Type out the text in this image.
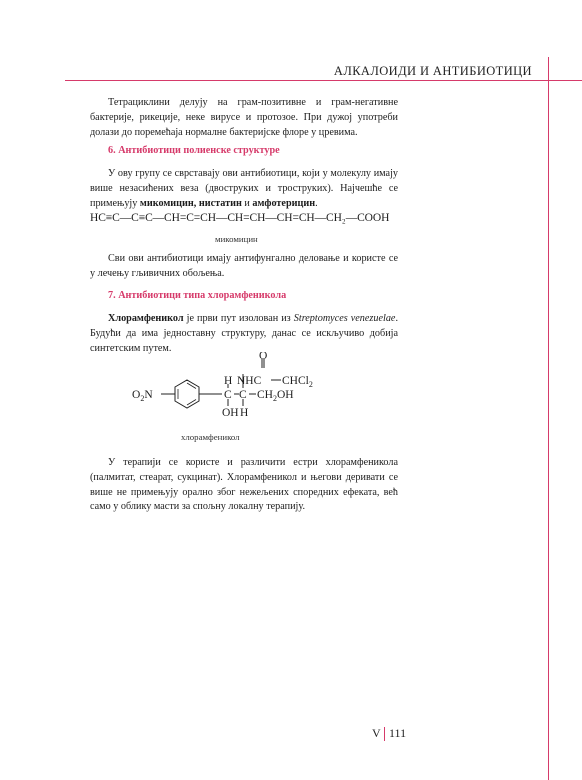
АЛКАЛОИДИ И АНТИБИОТИЦИ

Тетрациклини делују на грам-позитивне и грам-негативне бактерије, рикеције, неке вирусе и протозое. При дужој употреби долази до поремећаја нормалне бактеријске флоре у цревима.

6. Антибиотици полиенске структуре

У ову групу се сврставају ови антибиотици, који у молекулу имају више незасићених веза (двоструких и троструких). Најчешће се примењују микомицин, нистатин и амфотерицин.

HC≡C—C≡C—CH=C=CH—CH=CH—CH=CH—CH₂—COOH
микомицин

Сви ови антибиотици имају антифунгално деловање и користе се у лечењу гљивичних обољења.

7. Антибиотици типа хлорамфеникола

Хлорамфеникол је први пут изолован из Streptomyces venezuelae. Будући да има једноставну структуру, данас се искључиво добија синтетским путем.

O
NHC CHCl$_2$
H
$O_2N$	C C $CH_2OH$
OH H
хлорамфеникол

У терапији се користе и различити естри хлорамфеникола (палмитат, стеарат, сукцинат). Хлорамфеникол и његови деривати се више не примењују орално због нежељених споредних ефеката, већ само у облику масти за спољну локалну терапију.

V 111
